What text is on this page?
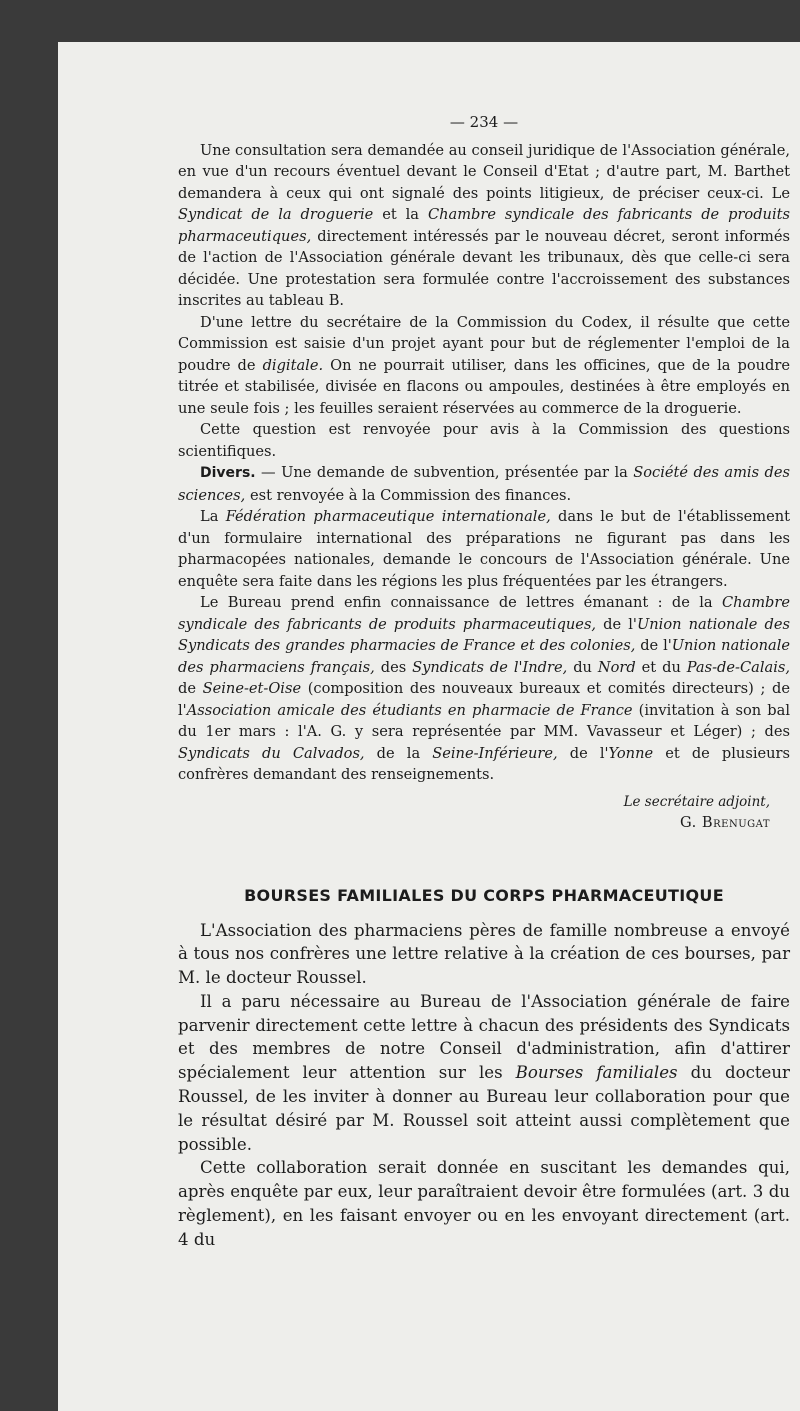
— 234 —

Une consultation sera demandée au conseil juridique de l'Association générale, en vue d'un recours éventuel devant le Conseil d'Etat ; d'autre part, M. Barthet demandera à ceux qui ont signalé des points litigieux, de préciser ceux-ci. Le Syndicat de la droguerie et la Chambre syndicale des fabricants de produits pharmaceutiques, directement intéressés par le nouveau décret, seront informés de l'action de l'Association générale devant les tribunaux, dès que celle-ci sera décidée. Une protestation sera formulée contre l'accroissement des substances inscrites au tableau B.

D'une lettre du secrétaire de la Commission du Codex, il résulte que cette Commission est saisie d'un projet ayant pour but de réglementer l'emploi de la poudre de digitale. On ne pourrait utiliser, dans les officines, que de la poudre titrée et stabilisée, divisée en flacons ou ampoules, destinées à être employés en une seule fois ; les feuilles seraient réservées au commerce de la droguerie.

Cette question est renvoyée pour avis à la Commission des questions scientifiques.

Divers. — Une demande de subvention, présentée par la Société des amis des sciences, est renvoyée à la Commission des finances.

La Fédération pharmaceutique internationale, dans le but de l'établissement d'un formulaire international des préparations ne figurant pas dans les pharmacopées nationales, demande le concours de l'Association générale. Une enquête sera faite dans les régions les plus fréquentées par les étrangers.

Le Bureau prend enfin connaissance de lettres émanant : de la Chambre syndicale des fabricants de produits pharmaceutiques, de l'Union nationale des Syndicats des grandes pharmacies de France et des colonies, de l'Union nationale des pharmaciens français, des Syndicats de l'Indre, du Nord et du Pas-de-Calais, de Seine-et-Oise (composition des nouveaux bureaux et comités directeurs) ; de l'Association amicale des étudiants en pharmacie de France (invitation à son bal du 1er mars : l'A. G. y sera représentée par MM. Vavasseur et Léger) ; des Syndicats du Calvados, de la Seine-Inférieure, de l'Yonne et de plusieurs confrères demandant des renseignements.

Le secrétaire adjoint,
G. Brenugat
BOURSES FAMILIALES DU CORPS PHARMACEUTIQUE

L'Association des pharmaciens pères de famille nombreuse a envoyé à tous nos confrères une lettre relative à la création de ces bourses, par M. le docteur Roussel.

Il a paru nécessaire au Bureau de l'Association générale de faire parvenir directement cette lettre à chacun des présidents des Syndicats et des membres de notre Conseil d'administration, afin d'attirer spécialement leur attention sur les Bourses familiales du docteur Roussel, de les inviter à donner au Bureau leur collaboration pour que le résultat désiré par M. Roussel soit atteint aussi complètement que possible.

Cette collaboration serait donnée en suscitant les demandes qui, après enquête par eux, leur paraîtraient devoir être formulées (art. 3 du règlement), en les faisant envoyer ou en les envoyant directement (art. 4 du
